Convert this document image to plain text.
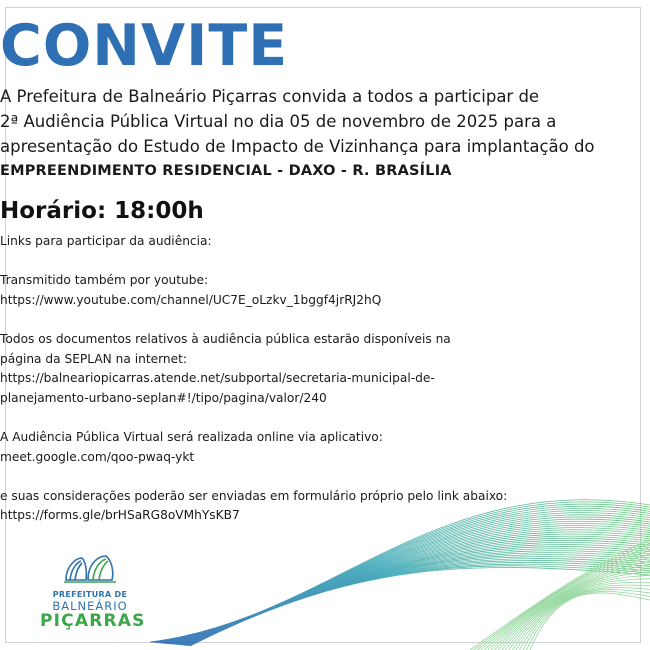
CONVITE
A Prefeitura de Balneário Piçarras convida a todos a participar de
2ª Audiência Pública Virtual no dia 05 de novembro de 2025 para a
apresentação do Estudo de Impacto de Vizinhança para implantação do
EMPREENDIMENTO RESIDENCIAL - DAXO - R. BRASÍLIA
Horário: 18:00h
Links para participar da audiência:
Transmitido também por youtube:
https://www.youtube.com/channel/UC7E_oLzkv_1bggf4jrRJ2hQ
Todos os documentos relativos à audiência pública estarão disponíveis na
página da SEPLAN na internet:
https://balneariopicarras.atende.net/subportal/secretaria-municipal-de-
planejamento-urbano-seplan#!/tipo/pagina/valor/240
A Audiência Pública Virtual será realizada online via aplicativo:
meet.google.com/qoo-pwaq-ykt
e suas considerações poderão ser enviadas em formulário próprio pelo link abaixo:
https://forms.gle/brHSaRG8oVMhYsKB7
PREFEITURA DE
BALNEÁRIO
PIÇARRAS
